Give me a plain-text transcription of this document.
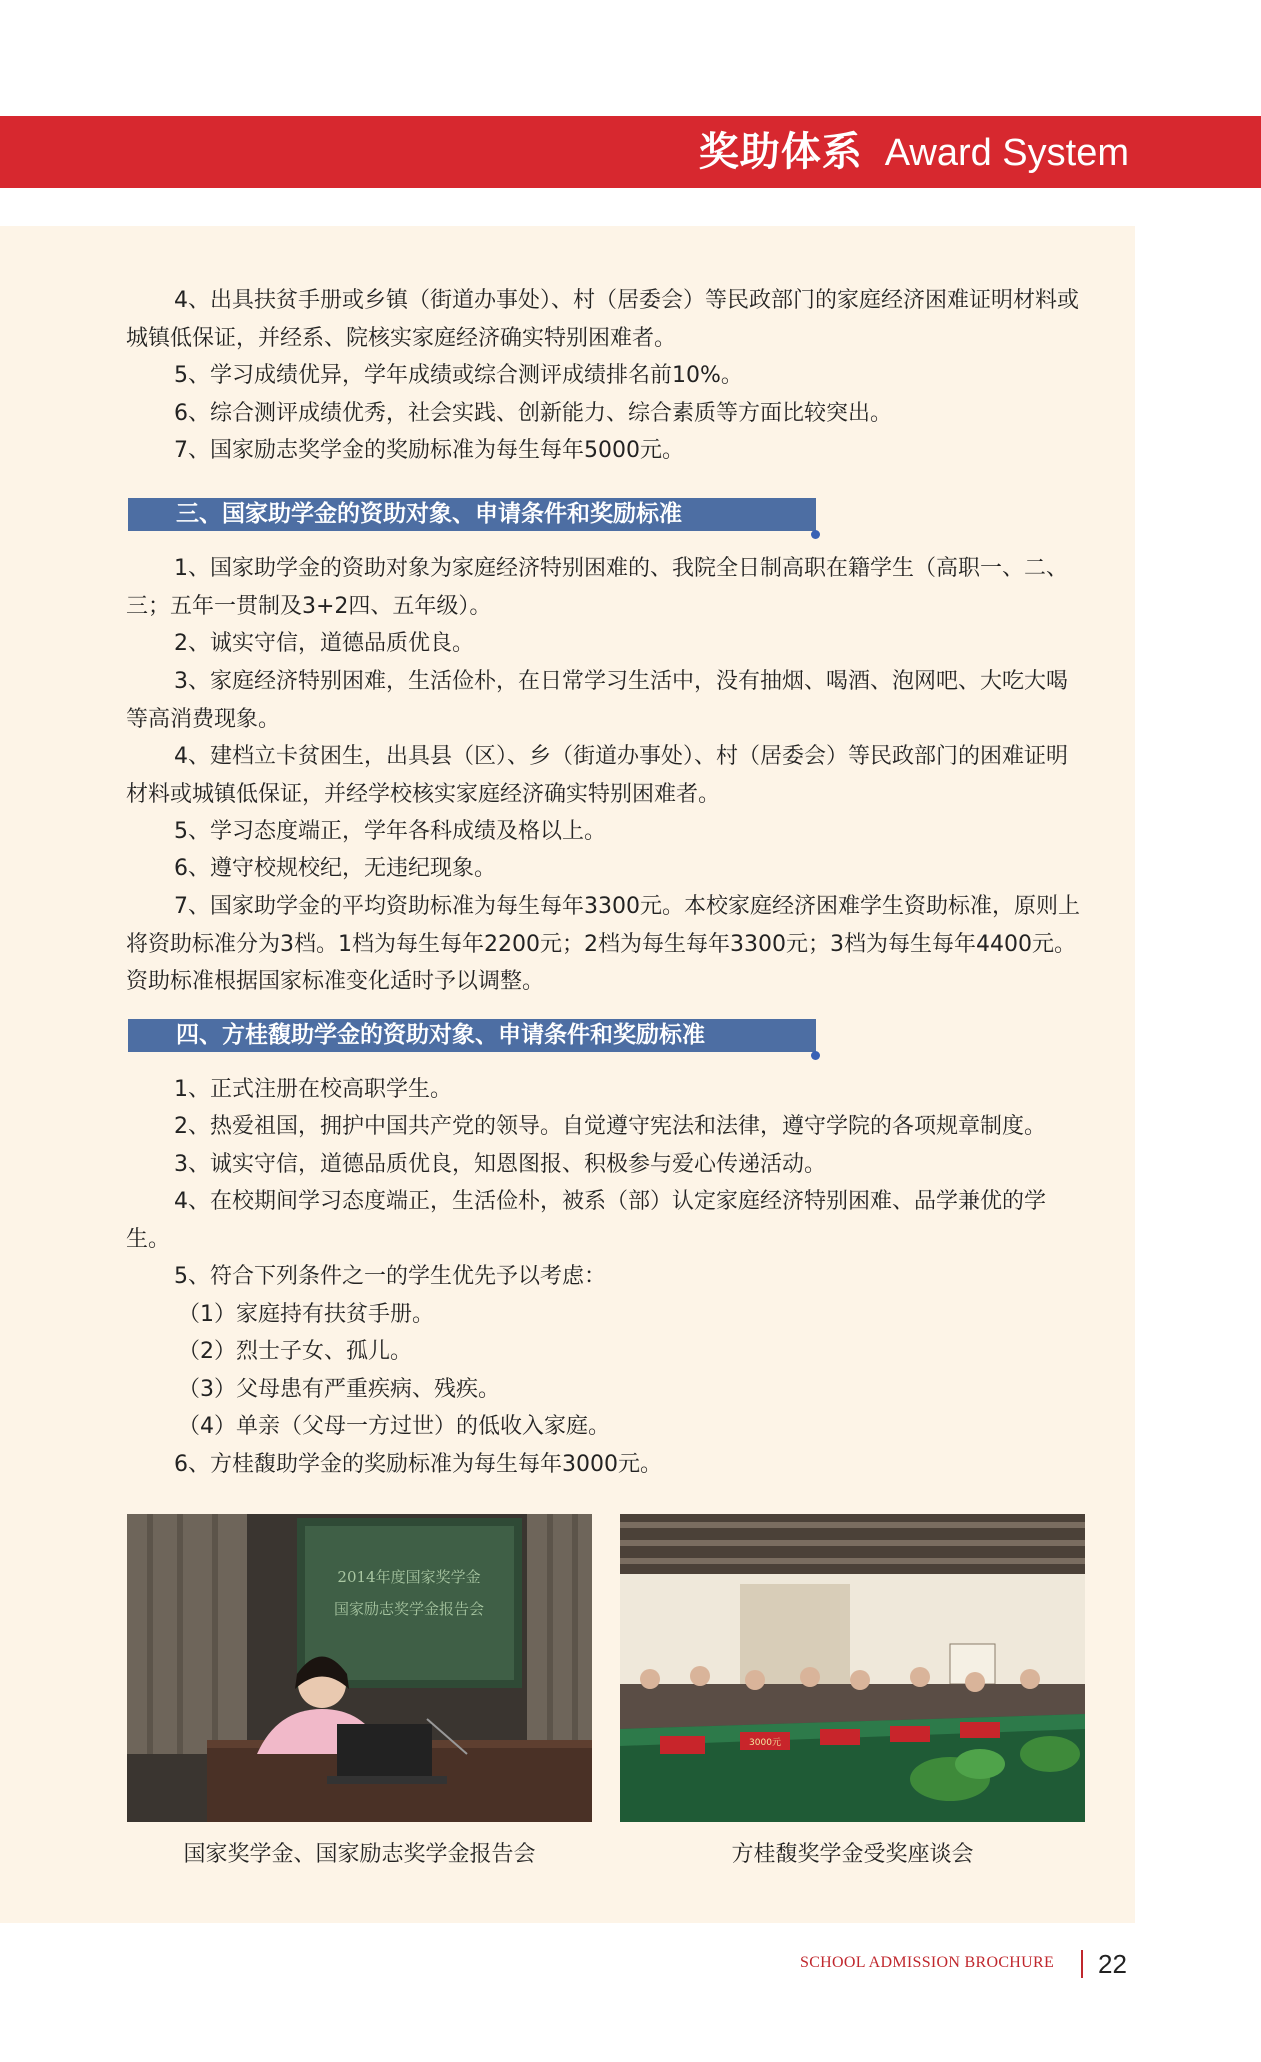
奖助体系 Award System

4、出具扶贫手册或乡镇（街道办事处）、村（居委会）等民政部门的家庭经济困难证明材料或城镇低保证，并经系、院核实家庭经济确实特别困难者。

5、学习成绩优异，学年成绩或综合测评成绩排名前10%。

6、综合测评成绩优秀，社会实践、创新能力、综合素质等方面比较突出。

7、国家励志奖学金的奖励标准为每生每年5000元。

三、国家助学金的资助对象、申请条件和奖励标准

1、国家助学金的资助对象为家庭经济特别困难的、我院全日制高职在籍学生（高职一、二、三；五年一贯制及3+2四、五年级）。

2、诚实守信，道德品质优良。

3、家庭经济特别困难，生活俭朴，在日常学习生活中，没有抽烟、喝酒、泡网吧、大吃大喝等高消费现象。

4、建档立卡贫困生，出具县（区）、乡（街道办事处）、村（居委会）等民政部门的困难证明材料或城镇低保证，并经学校核实家庭经济确实特别困难者。

5、学习态度端正，学年各科成绩及格以上。

6、遵守校规校纪，无违纪现象。

7、国家助学金的平均资助标准为每生每年3300元。本校家庭经济困难学生资助标准，原则上将资助标准分为3档。1档为每生每年2200元；2档为每生每年3300元；3档为每生每年4400元。资助标准根据国家标准变化适时予以调整。

四、方桂馥助学金的资助对象、申请条件和奖励标准

1、正式注册在校高职学生。

2、热爱祖国，拥护中国共产党的领导。自觉遵守宪法和法律，遵守学院的各项规章制度。

3、诚实守信，道德品质优良，知恩图报、积极参与爱心传递活动。

4、在校期间学习态度端正，生活俭朴，被系（部）认定家庭经济特别困难、品学兼优的学生。

5、符合下列条件之一的学生优先予以考虑：

（1）家庭持有扶贫手册。

（2）烈士子女、孤儿。

（3）父母患有严重疾病、残疾。

（4）单亲（父母一方过世）的低收入家庭。

6、方桂馥助学金的奖励标准为每生每年3000元。

2014年度国家奖学金
国家励志奖学金报告会
国家奖学金、国家励志奖学金报告会
3000元
方桂馥奖学金受奖座谈会
SCHOOL ADMISSION BROCHURE 22
